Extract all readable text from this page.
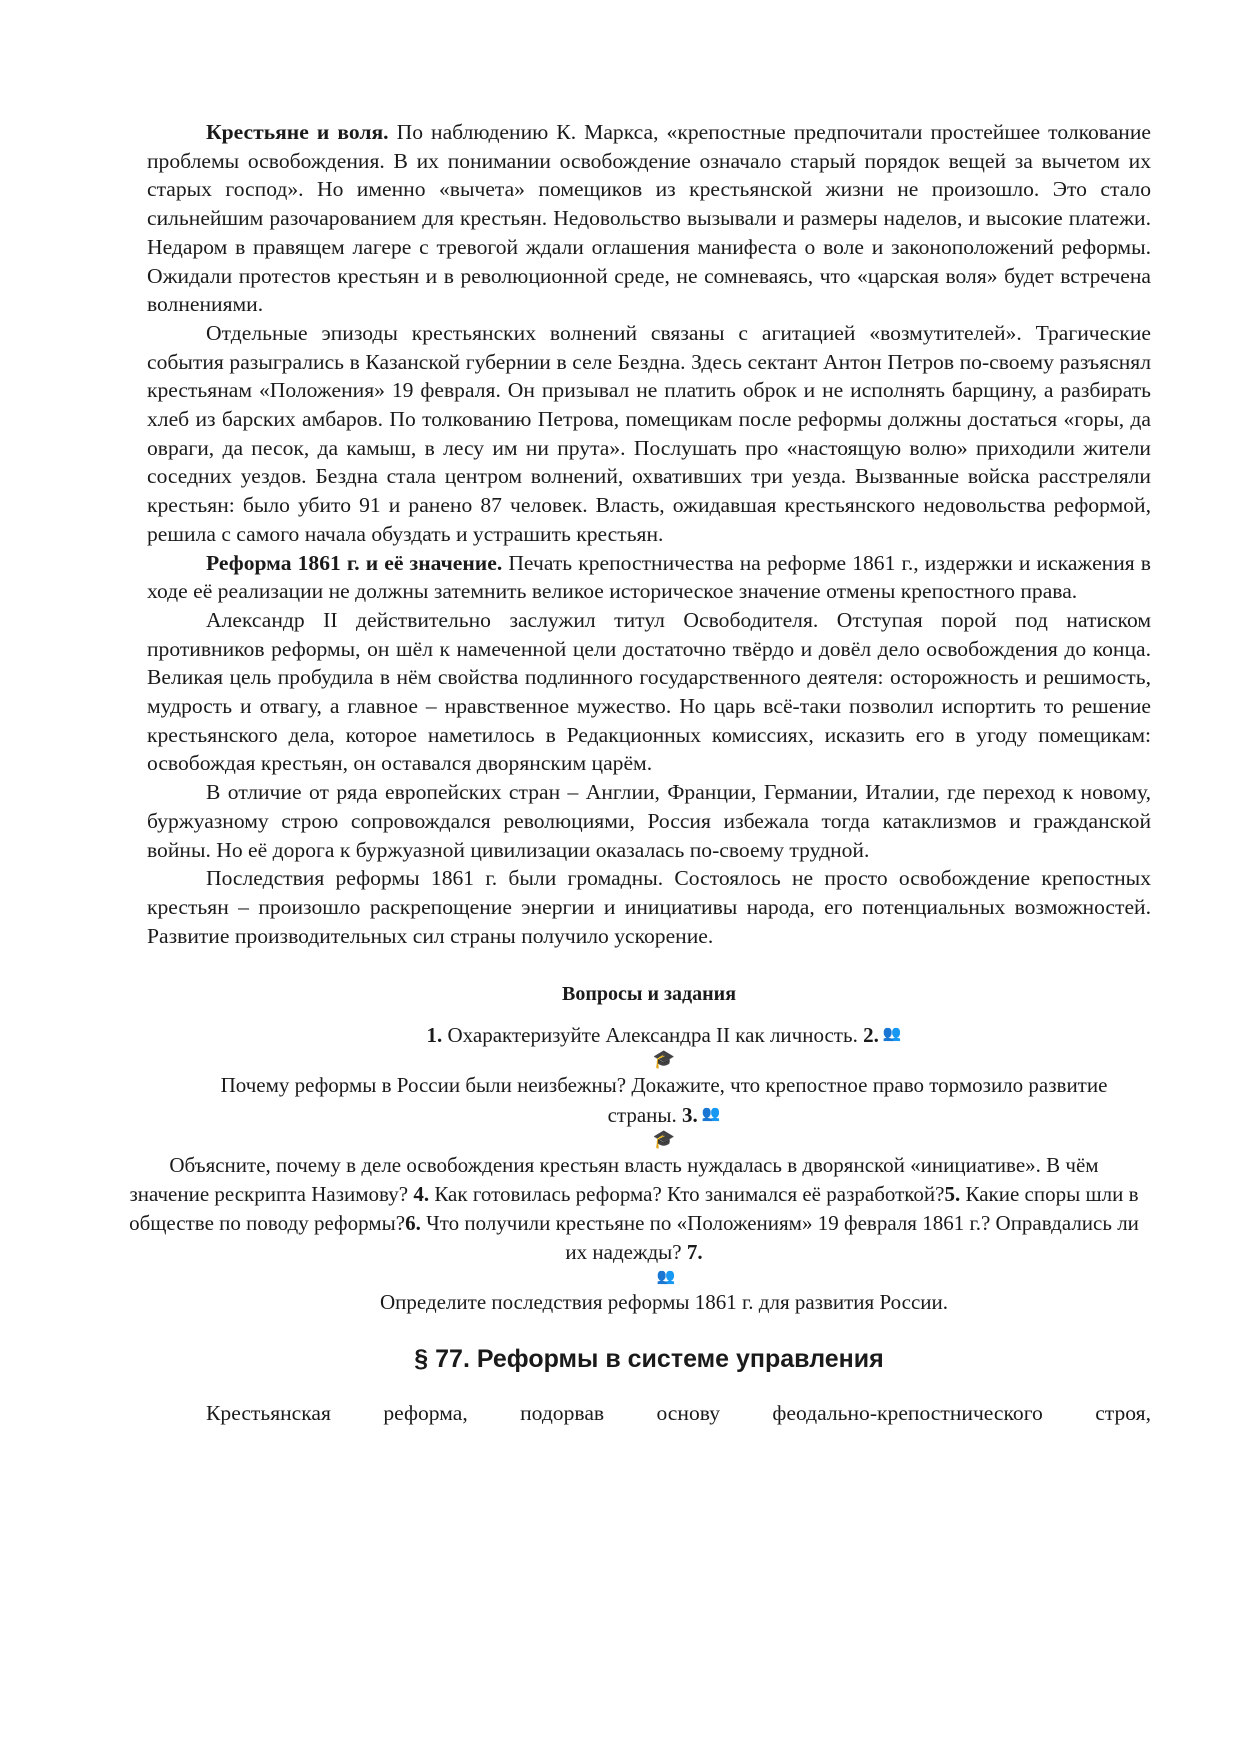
Крестьяне и воля. По наблюдению К. Маркса, «крепостные предпочитали простейшее толкование проблемы освобождения. В их понимании освобождение означало старый порядок вещей за вычетом их старых господ». Но именно «вычета» помещиков из крестьянской жизни не произошло. Это стало сильнейшим разочарованием для крестьян. Недовольство вызывали и размеры наделов, и высокие платежи. Недаром в правящем лагере с тревогой ждали оглашения манифеста о воле и законоположений реформы. Ожидали протестов крестьян и в революционной среде, не сомневаясь, что «царская воля» будет встречена волнениями.

Отдельные эпизоды крестьянских волнений связаны с агитацией «возмутителей». Трагические события разыгрались в Казанской губернии в селе Бездна. Здесь сектант Антон Петров по-своему разъяснял крестьянам «Положения» 19 февраля. Он призывал не платить оброк и не исполнять барщину, а разбирать хлеб из барских амбаров. По толкованию Петрова, помещикам после реформы должны достаться «горы, да овраги, да песок, да камыш, в лесу им ни прута». Послушать про «настоящую волю» приходили жители соседних уездов. Бездна стала центром волнений, охвативших три уезда. Вызванные войска расстреляли крестьян: было убито 91 и ранено 87 человек. Власть, ожидавшая крестьянского недовольства реформой, решила с самого начала обуздать и устрашить крестьян.

Реформа 1861 г. и её значение. Печать крепостничества на реформе 1861 г., издержки и искажения в ходе её реализации не должны затемнить великое историческое значение отмены крепостного права.

Александр II действительно заслужил титул Освободителя. Отступая порой под натиском противников реформы, он шёл к намеченной цели достаточно твёрдо и довёл дело освобождения до конца. Великая цель пробудила в нём свойства подлинного государственного деятеля: осторожность и решимость, мудрость и отвагу, а главное – нравственное мужество. Но царь всё-таки позволил испортить то решение крестьянского дела, которое наметилось в Редакционных комиссиях, исказить его в угоду помещикам: освобождая крестьян, он оставался дворянским царём.

В отличие от ряда европейских стран – Англии, Франции, Германии, Италии, где переход к новому, буржуазному строю сопровождался революциями, Россия избежала тогда катаклизмов и гражданской войны. Но её дорога к буржуазной цивилизации оказалась по-своему трудной.

Последствия реформы 1861 г. были громадны. Состоялось не просто освобождение крепостных крестьян – произошло раскрепощение энергии и инициативы народа, его потенциальных возможностей. Развитие производительных сил страны получило ускорение.

Вопросы и задания
1. Охарактеризуйте Александра II как личность. 2. 👥
🎓
Почему реформы в России были неизбежны? Докажите, что крепостное право тормозило развитие страны. 3. 👥
🎓
Объясните, почему в деле освобождения крестьян власть нуждалась в дворянской «инициативе». В чём значение рескрипта Назимову? 4. Как готовилась реформа? Кто занимался её разработкой?5. Какие споры шли в обществе по поводу реформы?6. Что получили крестьяне по «Положениям» 19 февраля 1861 г.? Оправдались ли их надежды? 7.
👥
Определите последствия реформы 1861 г. для развития России.
§ 77. Реформы в системе управления

Крестьянская реформа, подорвав основу феодально-крепостнического строя,
